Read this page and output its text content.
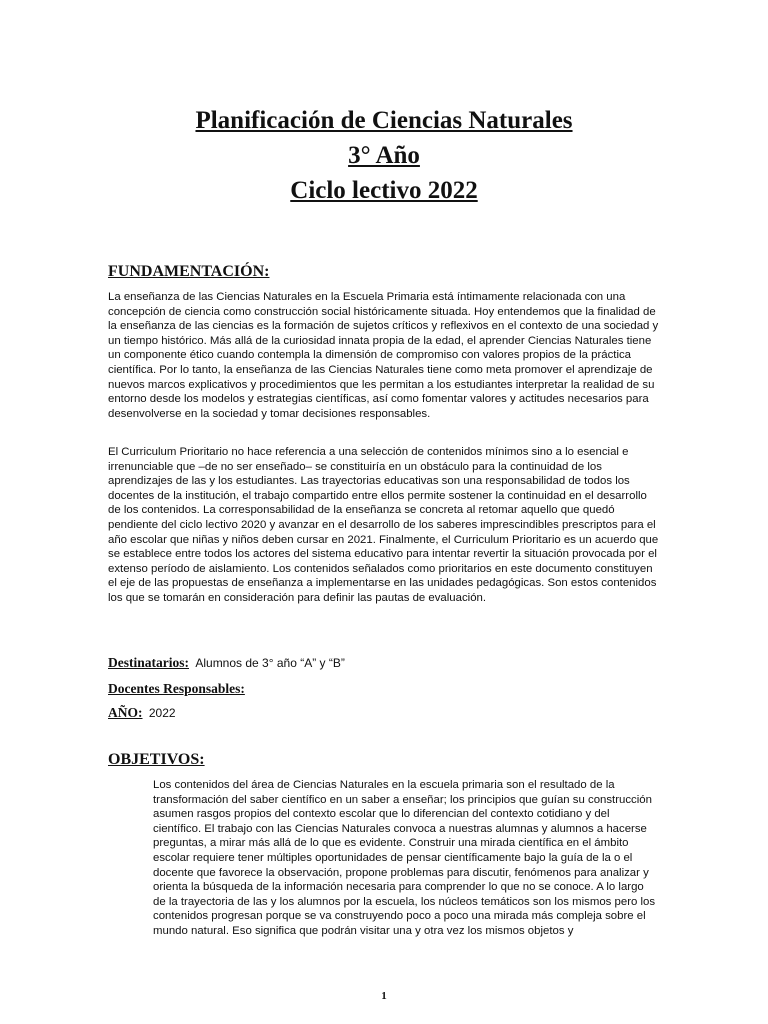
Planificación de Ciencias Naturales
3° Año
Ciclo lectivo 2022
FUNDAMENTACIÓN:

La enseñanza de las Ciencias Naturales en la Escuela Primaria está íntimamente relacionada con una concepción de ciencia como construcción social históricamente situada. Hoy entendemos que la finalidad de la enseñanza de las ciencias es la formación de sujetos críticos y reflexivos en el contexto de una sociedad y un tiempo histórico. Más allá de la curiosidad innata propia de la edad, el aprender Ciencias Naturales tiene un componente ético cuando contempla la dimensión de compromiso con valores propios de la práctica científica. Por lo tanto, la enseñanza de las Ciencias Naturales tiene como meta promover el aprendizaje de nuevos marcos explicativos y procedimientos que les permitan a los estudiantes interpretar la realidad de su entorno desde los modelos y estrategias científicas, así como fomentar valores y actitudes necesarios para desenvolverse en la sociedad y tomar decisiones responsables.

El Curriculum Prioritario no hace referencia a una selección de contenidos mínimos sino a lo esencial e irrenunciable que –de no ser enseñado– se constituiría en un obstáculo para la continuidad de los aprendizajes de las y los estudiantes. Las trayectorias educativas son una responsabilidad de todos los docentes de la institución, el trabajo compartido entre ellos permite sostener la continuidad en el desarrollo de los contenidos. La corresponsabilidad de la enseñanza se concreta al retomar aquello que quedó pendiente del ciclo lectivo 2020 y avanzar en el desarrollo de los saberes imprescindibles prescriptos para el año escolar que niñas y niños deben cursar en 2021. Finalmente, el Curriculum Prioritario es un acuerdo que se establece entre todos los actores del sistema educativo para intentar revertir la situación provocada por el extenso período de aislamiento. Los contenidos señalados como prioritarios en este documento constituyen el eje de las propuestas de enseñanza a implementarse en las unidades pedagógicas. Son estos contenidos los que se tomarán en consideración para definir las pautas de evaluación.

Destinatarios: Alumnos de 3° año “A” y “B”
Docentes Responsables:
AÑO: 2022
OBJETIVOS:

Los contenidos del área de Ciencias Naturales en la escuela primaria son el resultado de la transformación del saber científico en un saber a enseñar; los principios que guían su construcción asumen rasgos propios del contexto escolar que lo diferencian del contexto cotidiano y del científico. El trabajo con las Ciencias Naturales convoca a nuestras alumnas y alumnos a hacerse preguntas, a mirar más allá de lo que es evidente. Construir una mirada científica en el ámbito escolar requiere tener múltiples oportunidades de pensar científicamente bajo la guía de la o el docente que favorece la observación, propone problemas para discutir, fenómenos para analizar y orienta la búsqueda de la información necesaria para comprender lo que no se conoce. A lo largo de la trayectoria de las y los alumnos por la escuela, los núcleos temáticos son los mismos pero los contenidos progresan porque se va construyendo poco a poco una mirada más compleja sobre el mundo natural. Eso significa que podrán visitar una y otra vez los mismos objetos y

1
